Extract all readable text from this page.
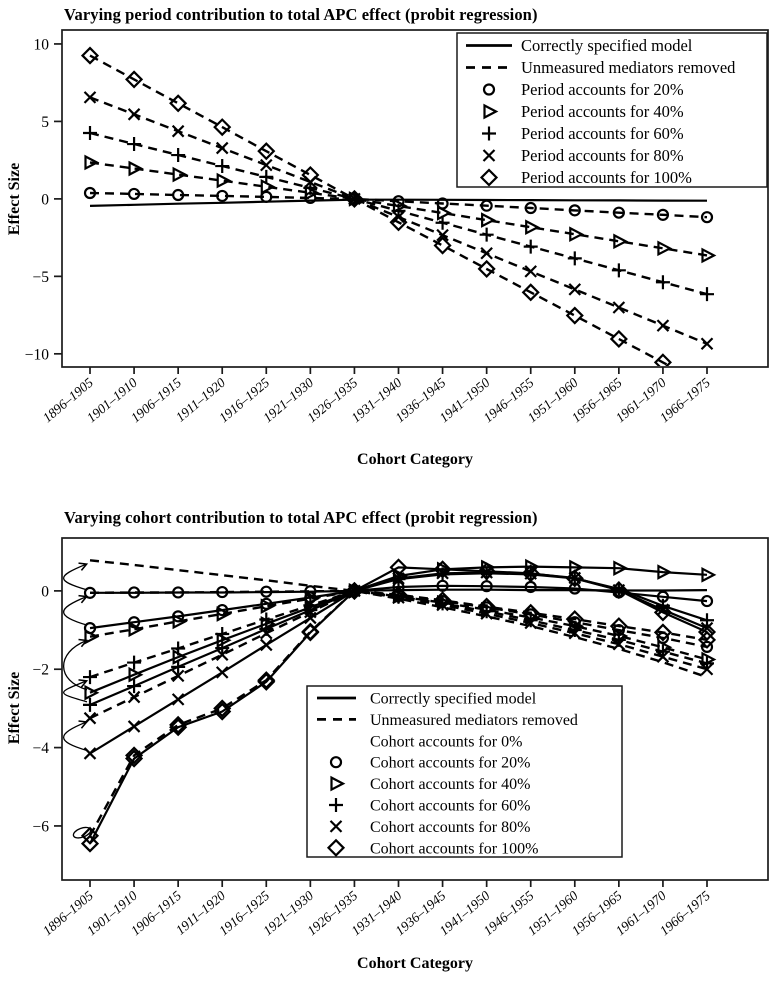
Varying period contribution to total APC effect (probit regression)
Effect Size
10
5
0
−5
−10
1896–1905
1901–1910
1906–1915
1911–1920
1916–1925
1921–1930
1926–1935
1931–1940
1936–1945
1941–1950
1946–1955
1951–1960
1956–1965
1961–1970
1966–1975
Correctly specified model
Unmeasured mediators removed
Period accounts for 20%
Period accounts for 40%
Period accounts for 60%
Period accounts for 80%
Period accounts for 100%
Cohort Category
Varying cohort contribution to total APC effect (probit regression)
Effect Size
0
−2
−4
−6
1896–1905
1901–1910
1906–1915
1911–1920
1916–1925
1921–1930
1926–1935
1931–1940
1936–1945
1941–1950
1946–1955
1951–1960
1956–1965
1961–1970
1966–1975
Correctly specified model
Unmeasured mediators removed
Cohort accounts for 0%
Cohort accounts for 20%
Cohort accounts for 40%
Cohort accounts for 60%
Cohort accounts for 80%
Cohort accounts for 100%
Cohort Category
